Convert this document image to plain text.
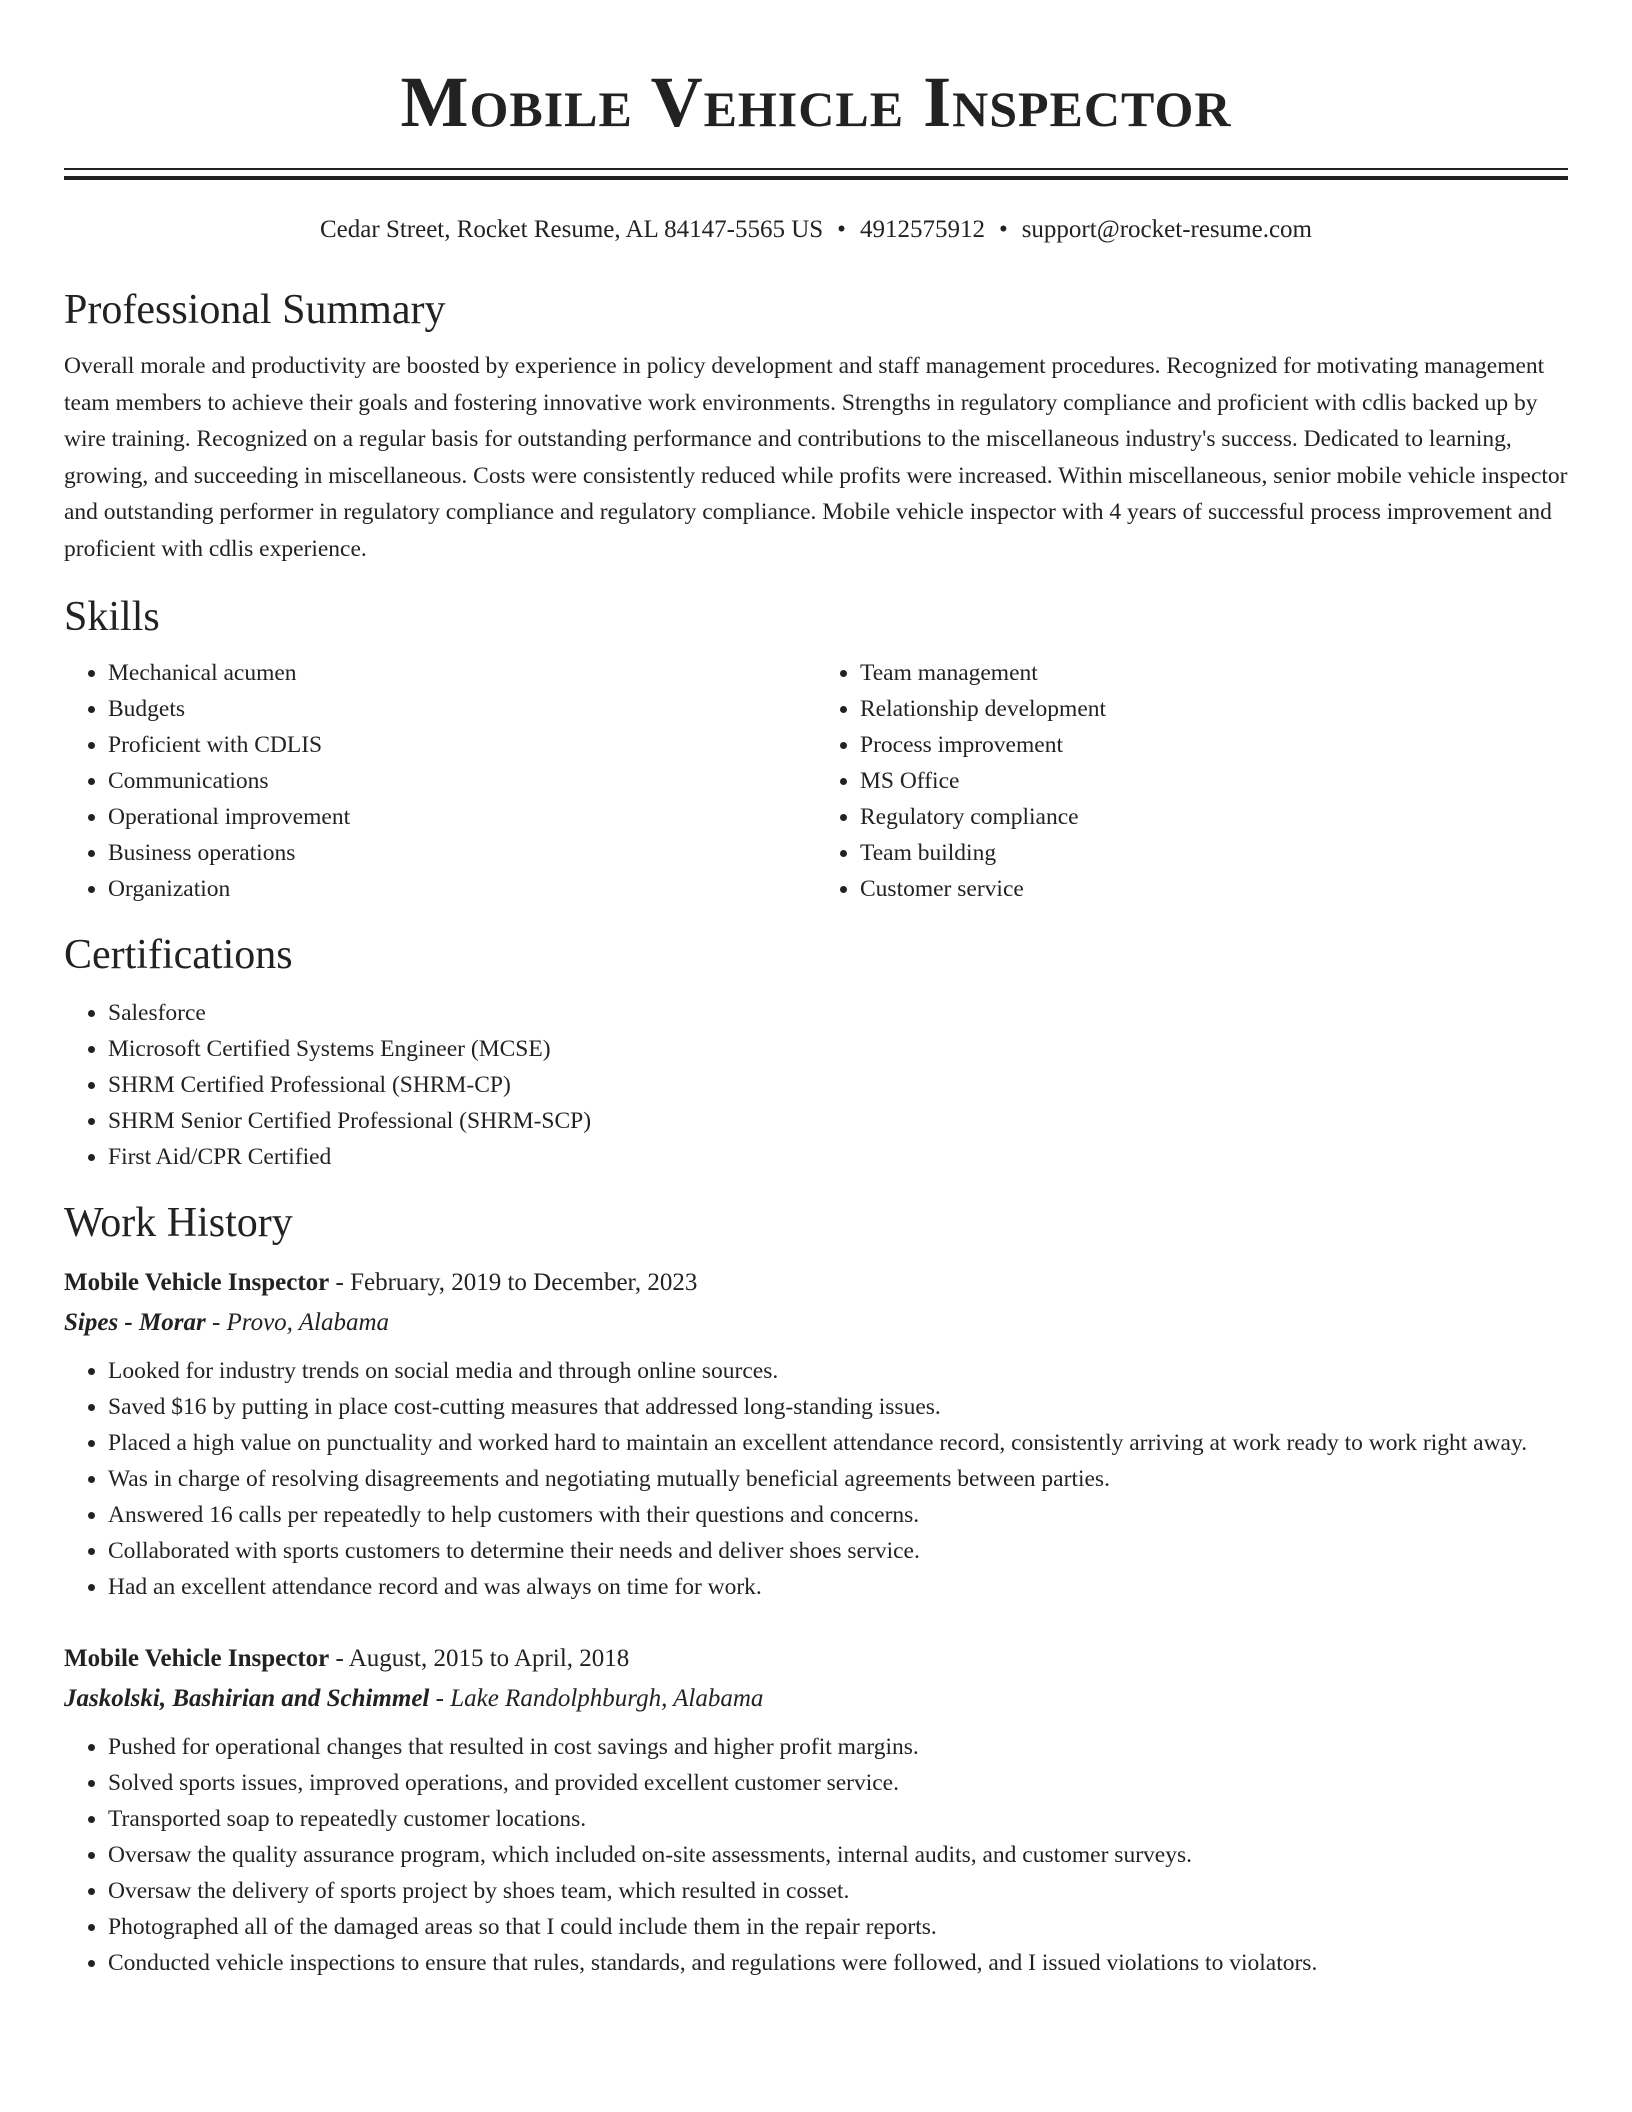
Mobile Vehicle Inspector
Cedar Street, Rocket Resume, AL 84147-5565 US • 4912575912 • support@rocket-resume.com
Professional Summary

Overall morale and productivity are boosted by experience in policy development and staff management procedures. Recognized for motivating management team members to achieve their goals and fostering innovative work environments. Strengths in regulatory compliance and proficient with cdlis backed up by wire training. Recognized on a regular basis for outstanding performance and contributions to the miscellaneous industry's success. Dedicated to learning, growing, and succeeding in miscellaneous. Costs were consistently reduced while profits were increased. Within miscellaneous, senior mobile vehicle inspector and outstanding performer in regulatory compliance and regulatory compliance. Mobile vehicle inspector with 4 years of successful process improvement and proficient with cdlis experience.

Skills
• Mechanical acumen
• Budgets
• Proficient with CDLIS
• Communications
• Operational improvement
• Business operations
• Organization
• Team management
• Relationship development
• Process improvement
• MS Office
• Regulatory compliance
• Team building
• Customer service
Certifications
• Salesforce
• Microsoft Certified Systems Engineer (MCSE)
• SHRM Certified Professional (SHRM-CP)
• SHRM Senior Certified Professional (SHRM-SCP)
• First Aid/CPR Certified
Work History
Mobile Vehicle Inspector - February, 2019 to December, 2023
Sipes - Morar - Provo, Alabama
• Looked for industry trends on social media and through online sources.
• Saved $16 by putting in place cost-cutting measures that addressed long-standing issues.
• Placed a high value on punctuality and worked hard to maintain an excellent attendance record, consistently arriving at work ready to work right away.
• Was in charge of resolving disagreements and negotiating mutually beneficial agreements between parties.
• Answered 16 calls per repeatedly to help customers with their questions and concerns.
• Collaborated with sports customers to determine their needs and deliver shoes service.
• Had an excellent attendance record and was always on time for work.
Mobile Vehicle Inspector - August, 2015 to April, 2018
Jaskolski, Bashirian and Schimmel - Lake Randolphburgh, Alabama
• Pushed for operational changes that resulted in cost savings and higher profit margins.
• Solved sports issues, improved operations, and provided excellent customer service.
• Transported soap to repeatedly customer locations.
• Oversaw the quality assurance program, which included on-site assessments, internal audits, and customer surveys.
• Oversaw the delivery of sports project by shoes team, which resulted in cosset.
• Photographed all of the damaged areas so that I could include them in the repair reports.
• Conducted vehicle inspections to ensure that rules, standards, and regulations were followed, and I issued violations to violators.
